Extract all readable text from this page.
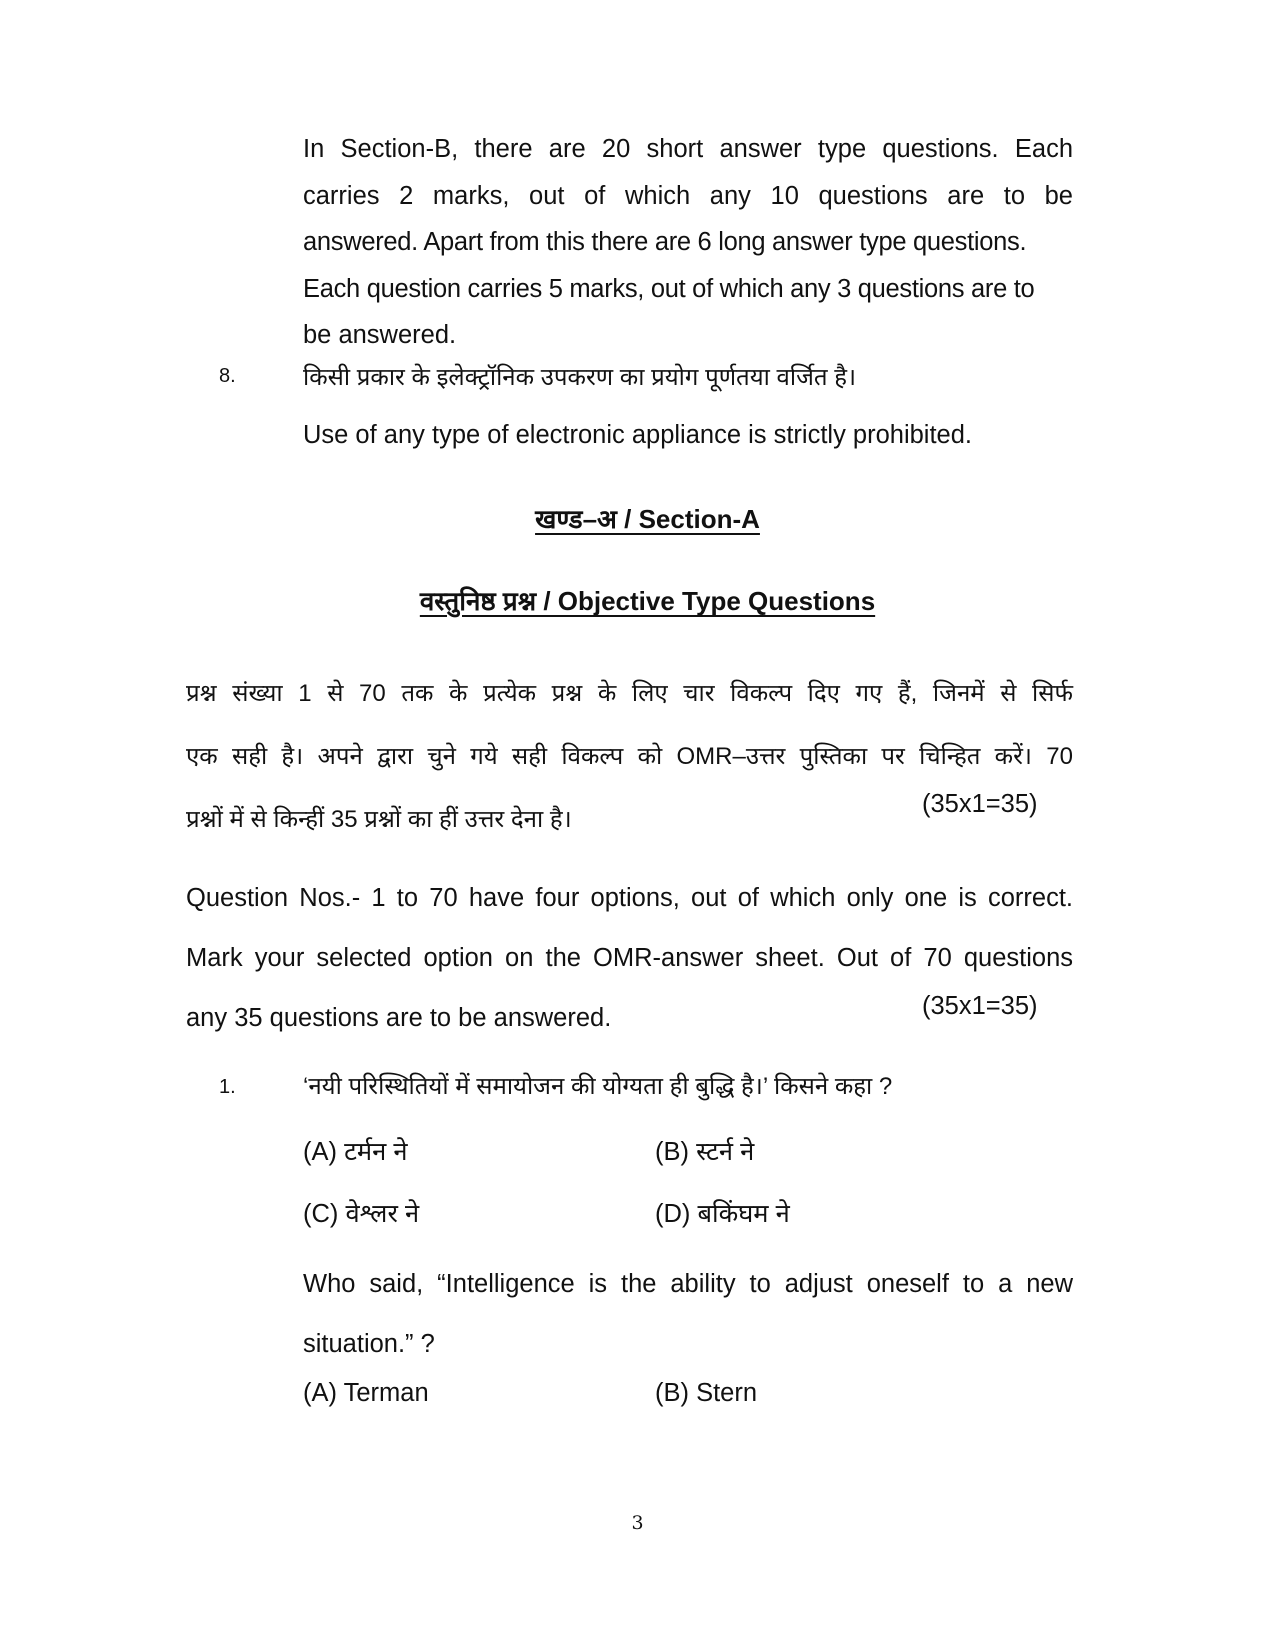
In Section-B, there are 20 short answer type questions. Each
carries 2 marks, out of which any 10 questions are to be
answered. Apart from this there are 6 long answer type questions.
Each question carries 5 marks, out of which any 3 questions are to
be answered.
8.	किसी प्रकार के इलेक्ट्रॉनिक उपकरण का प्रयोग पूर्णतया वर्जित है।
Use of any type of electronic appliance is strictly prohibited.
खण्ड–अ / Section-A
वस्तुनिष्ठ प्रश्न / Objective Type Questions
प्रश्न संख्या 1 से 70 तक के प्रत्येक प्रश्न के लिए चार विकल्प दिए गए हैं, जिनमें से सिर्फ
एक सही है। अपने द्वारा चुने गये सही विकल्प को OMR–उत्तर पुस्तिका पर चिन्हित करें। 70
प्रश्नों में से किन्हीं 35 प्रश्नों का हीं उत्तर देना है।
(35x1=35)
Question Nos.- 1 to 70 have four options, out of which only one is correct.
Mark your selected option on the OMR-answer sheet. Out of 70 questions
any 35 questions are to be answered.	(35x1=35)
1.	‘नयी परिस्थितियों में समायोजन की योग्यता ही बुद्धि है।’ किसने कहा ?
(A) टर्मन ने	(B) स्टर्न ने
(C) वेश्लर ने	(D) बकिंघम ने
Who said, “Intelligence is the ability to adjust oneself to a new
situation.” ?
(A) Terman	(B) Stern
3
